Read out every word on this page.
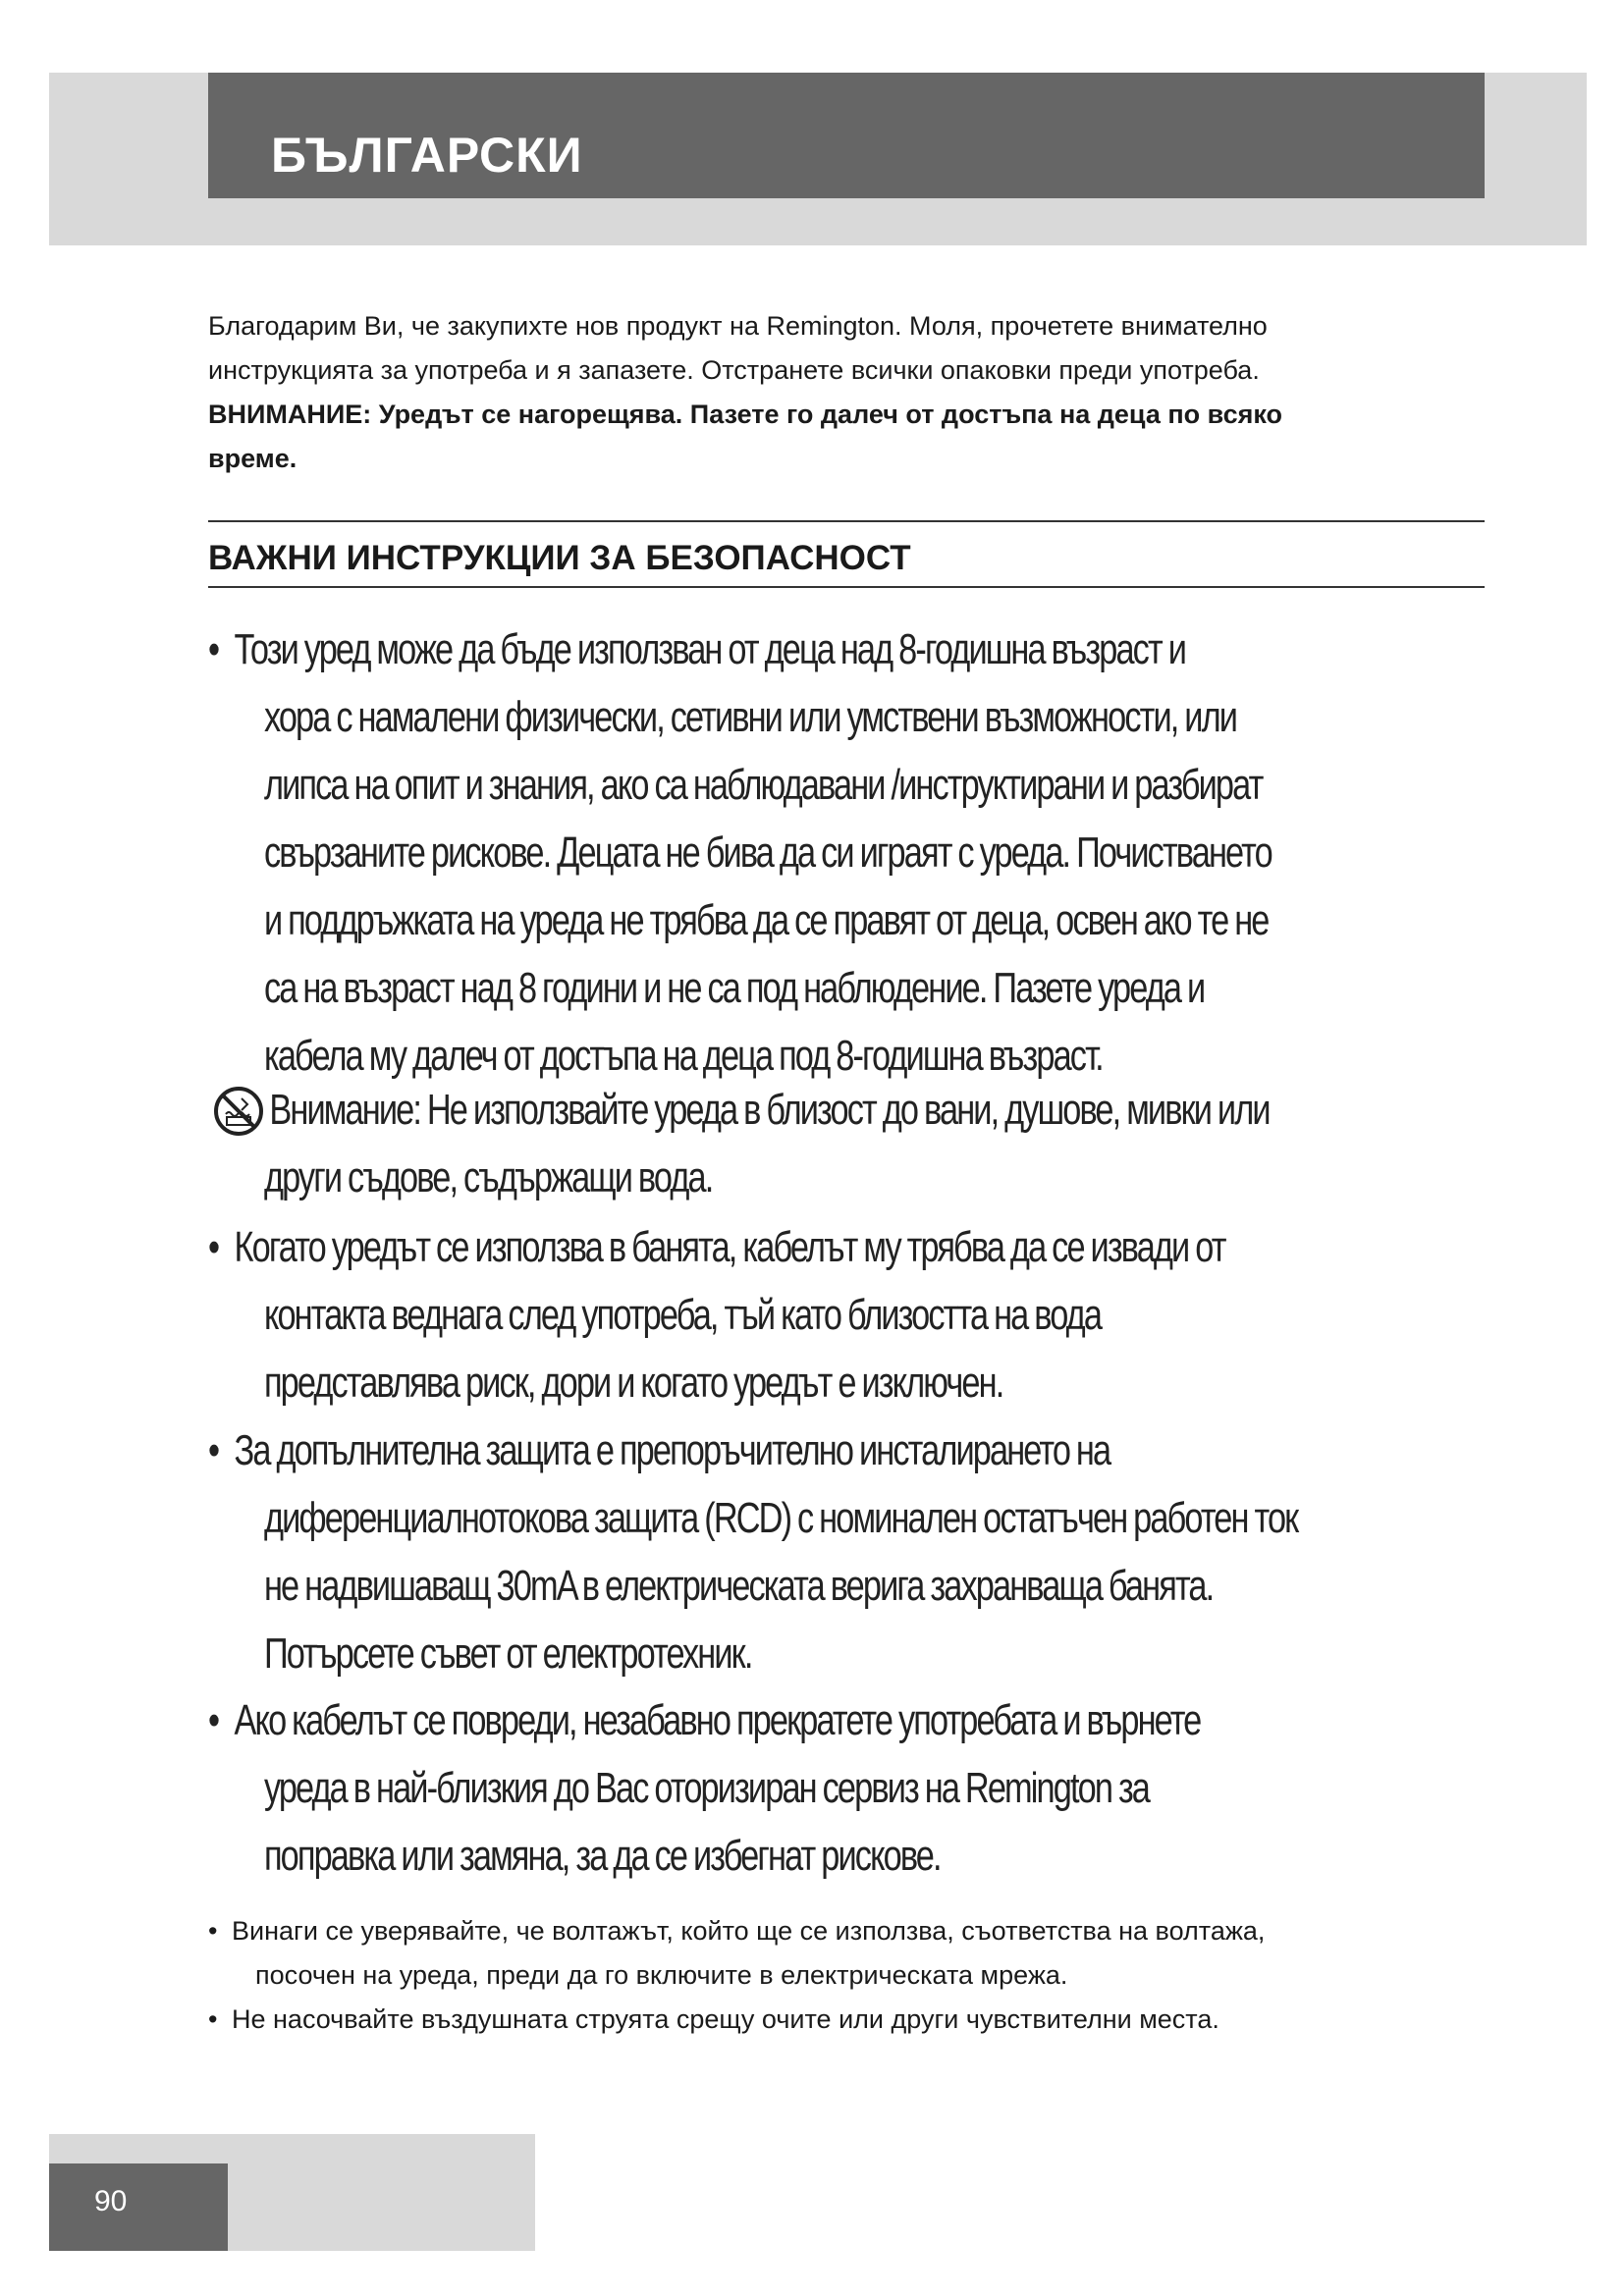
БЪЛГАРСКИ

Благодарим Ви, че закупихте нов продукт на Remington. Моля, прочетете внимателно

инструкцията за употреба и я запазете. Отстранете всички опаковки преди употреба.

ВНИМАНИЕ: Уредът се нагорещява. Пазете го далеч от достъпа на деца по всяко

време.

ВАЖНИ ИНСТРУКЦИИ ЗА БЕЗОПАСНОСТ
• Този уред може да бъде използван от деца над 8-годишна възраст и
хора с намалени физически, сетивни или умствени възможности, или
липса на опит и знания, ако са наблюдавани /инструктирани и разбират
свързаните рискове. Децата не бива да си играят с уреда. Почистването
и поддръжката на уреда не трябва да се правят от деца, освен ако те не
са на възраст над 8 години и не са под наблюдение. Пазете уреда и
кабела му далеч от достъпа на деца под 8-годишна възраст.
Внимание: Не използвайте уреда в близост до вани, душове, мивки или
други съдове, съдържащи вода.
• Когато уредът се използва в банята, кабелът му трябва да се извади от
контакта веднага след употреба, тъй като близостта на вода
представлява риск, дори и когато уредът е изключен.
• За допълнителна защита е препоръчително инсталирането на
диференциалнотокова защита (RCD) с номинален остатъчен работен ток
не надвишаващ 30mA в електрическата верига захранваща банята.
Потърсете съвет от електротехник.
• Ако кабелът се повреди, незабавно прекратете употребата и върнете
уреда в най-близкия до Вас оторизиран сервиз на Remington за
поправка или замяна, за да се избегнат рискове.
• Винаги се уверявайте, че волтажът, който ще се използва, съответства на волтажа,
посочен на уреда, преди да го включите в електрическата мрежа.
• Не насочвайте въздушната струята срещу очите или други чувствителни места.
90
